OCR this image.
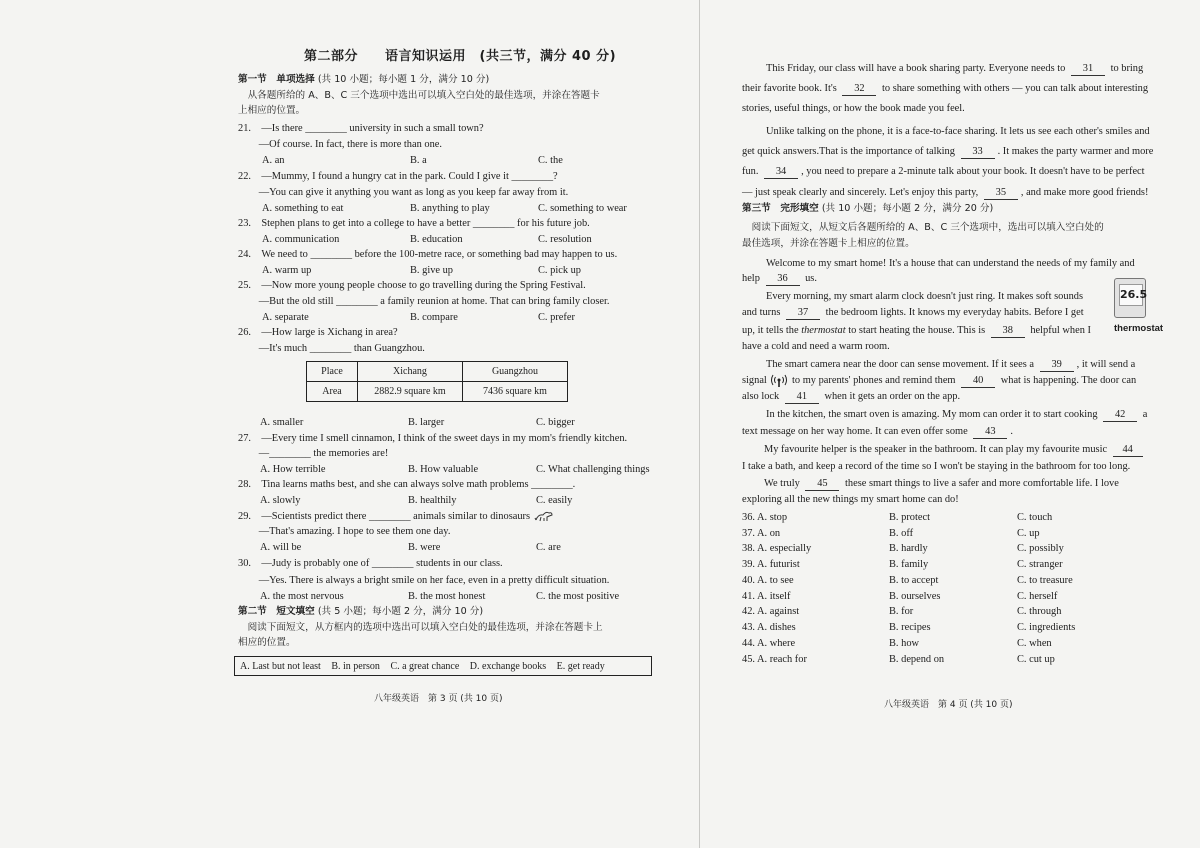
第二部分　　语言知识运用　(共三节，满分 40 分)
第一节　单项选择 (共 10 小题；每小题 1 分，满分 10 分)
　从各题所给的 A、B、C 三个选项中选出可以填入空白处的最佳选项，并涂在答题卡
上相应的位置。
21.　—Is there ________ university in such a small town?
　　—Of course. In fact, there is more than one.
A. an	B. a	C. the
22.　—Mummy, I found a hungry cat in the park. Could I give it ________?
　　—You can give it anything you want as long as you keep far away from it.
A. something to eat	B. anything to play	C. something to wear
23.　Stephen plans to get into a college to have a better ________ for his future job.
A. communication	B. education	C. resolution
24.　We need to ________ before the 100-metre race, or something bad may happen to us.
A. warm up	B. give up	C. pick up
25.　—Now more young people choose to go travelling during the Spring Festival.
　　—But the old still ________ a family reunion at home. That can bring family closer.
A. separate	B. compare	C. prefer
26.　—How large is Xichang in area?
　　—It's much ________ than Guangzhou.
Place	Xichang	Guangzhou
Area	2882.9 square km	7436 square km
A. smaller	B. larger	C. bigger
27.　—Every time I smell cinnamon, I think of the sweet days in my mom's friendly kitchen.
　　—________ the memories are!
A. How terrible	B. How valuable	C. What challenging things
28.　Tina learns maths best, and she can always solve math problems ________.
A. slowly	B. healthily	C. easily
29.　—Scientists predict there ________ animals similar to dinosaurs
　　—That's amazing. I hope to see them one day.
A. will be	B. were	C. are
30.　—Judy is probably one of ________ students in our class.
　　—Yes. There is always a bright smile on her face, even in a pretty difficult situation.
A. the most nervous	B. the most honest	C. the most positive
第二节　短文填空 (共 5 小题；每小题 2 分，满分 10 分)
　阅读下面短文，从方框内的选项中选出可以填入空白处的最佳选项，并涂在答题卡上
相应的位置。
A. Last but not least B. in person C. a great chance D. exchange books E. get ready
八年级英语　第 3 页 (共 10 页)
This Friday, our class will have a book sharing party. Everyone needs to 31 to bring
their favorite book. It's 32 to share something with others — you can talk about interesting
stories, useful things, or how the book made you feel.
Unlike talking on the phone, it is a face-to-face sharing. It lets us see each other's smiles and
get quick answers.That is the importance of talking 33 . It makes the party warmer and more
fun. 34 , you need to prepare a 2-minute talk about your book. It doesn't have to be perfect
— just speak clearly and sincerely. Let's enjoy this party, 35 , and make more good friends!
第三节　完形填空 (共 10 小题；每小题 2 分，满分 20 分)
　阅读下面短文，从短文后各题所给的 A、B、C 三个选项中，选出可以填入空白处的
最佳选项，并涂在答题卡上相应的位置。
Welcome to my smart home! It's a house that can understand the needs of my family and
help 36 us.
Every morning, my smart alarm clock doesn't just ring. It makes soft sounds
and turns 37 the bedroom lights. It knows my everyday habits. Before I get
up, it tells the thermostat to start heating the house. This is 38 helpful when I
have a cold and need a warm room.
26.5
thermostat
The smart camera near the door can sense movement. If it sees a 39 , it will send a
signal to my parents' phones and remind them 40 what is happening. The door can
also lock 41 when it gets an order on the app.
In the kitchen, the smart oven is amazing. My mom can order it to start cooking 42 a
text message on her way home. It can even offer some 43 .
My favourite helper is the speaker in the bathroom. It can play my favourite music 44
I take a bath, and keep a record of the time so I won't be staying in the bathroom for too long.
We truly 45 these smart things to live a safer and more comfortable life. I love
exploring all the new things my smart home can do!
36. A. stop	B. protect	C. touch
37. A. on	B. off	C. up
38. A. especially	B. hardly	C. possibly
39. A. futurist	B. family	C. stranger
40. A. to see	B. to accept	C. to treasure
41. A. itself	B. ourselves	C. herself
42. A. against	B. for	C. through
43. A. dishes	B. recipes	C. ingredients
44. A. where	B. how	C. when
45. A. reach for	B. depend on	C. cut up
八年级英语　第 4 页 (共 10 页)
